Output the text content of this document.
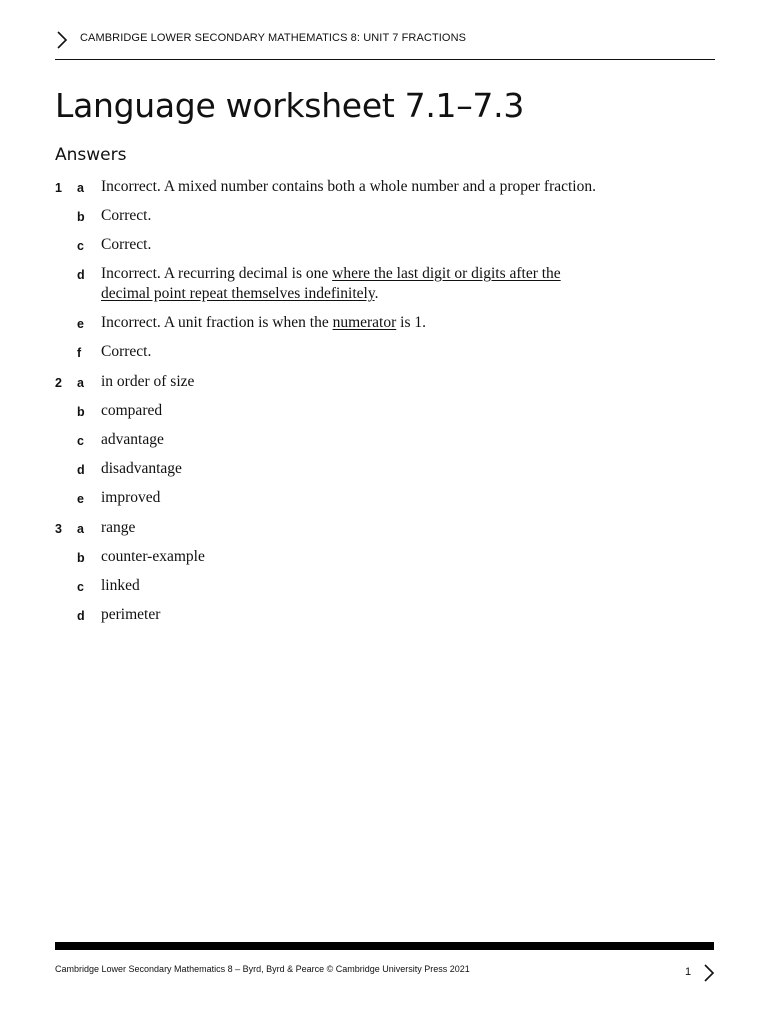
CAMBRIDGE LOWER SECONDARY MATHEMATICS 8: UNIT 7 FRACTIONS
Language worksheet 7.1–7.3
Answers
1 a Incorrect. A mixed number contains both a whole number and a proper fraction.
b Correct.
c Correct.
d Incorrect. A recurring decimal is one where the last digit or digits after the
decimal point repeat themselves indefinitely.
e Incorrect. A unit fraction is when the numerator is 1.
f Correct.
2 a in order of size
b compared
c advantage
d disadvantage
e improved
3 a range
b counter-example
c linked
d perimeter
Cambridge Lower Secondary Mathematics 8 – Byrd, Byrd & Pearce © Cambridge University Press 2021	1
